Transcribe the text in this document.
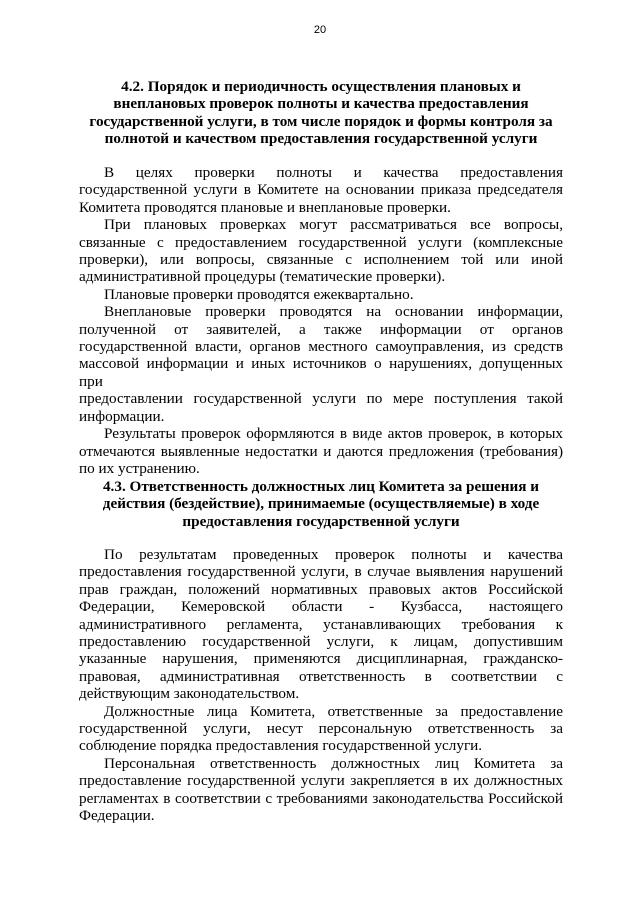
20
4.2. Порядок и периодичность осуществления плановых и
внеплановых проверок полноты и качества предоставления
государственной услуги, в том числе порядок и формы контроля за
полнотой и качеством предоставления государственной услуги
В целях проверки полноты и качества предоставления
государственной услуги в Комитете на основании приказа председателя
Комитета проводятся плановые и внеплановые проверки.
При плановых проверках могут рассматриваться все вопросы,
связанные с предоставлением государственной услуги (комплексные
проверки), или вопросы, связанные с исполнением той или иной
административной процедуры (тематические проверки).
Плановые проверки проводятся ежеквартально.
Внеплановые проверки проводятся на основании информации,
полученной от заявителей, а также информации от органов
государственной власти, органов местного самоуправления, из средств
массовой информации и иных источников о нарушениях, допущенных при
предоставлении государственной услуги по мере поступления такой
информации.
Результаты проверок оформляются в виде актов проверок, в которых
отмечаются выявленные недостатки и даются предложения (требования)
по их устранению.
4.3. Ответственность должностных лиц Комитета за решения и
действия (бездействие), принимаемые (осуществляемые) в ходе
предоставления государственной услуги
По результатам проведенных проверок полноты и качества
предоставления государственной услуги, в случае выявления нарушений
прав граждан, положений нормативных правовых актов Российской
Федерации, Кемеровской области - Кузбасса, настоящего
административного регламента, устанавливающих требования к
предоставлению государственной услуги, к лицам, допустившим
указанные нарушения, применяются дисциплинарная, гражданско-
правовая, административная ответственность в соответствии с
действующим законодательством.
Должностные лица Комитета, ответственные за предоставление
государственной услуги, несут персональную ответственность за
соблюдение порядка предоставления государственной услуги.
Персональная ответственность должностных лиц Комитета за
предоставление государственной услуги закрепляется в их должностных
регламентах в соответствии с требованиями законодательства Российской
Федерации.
